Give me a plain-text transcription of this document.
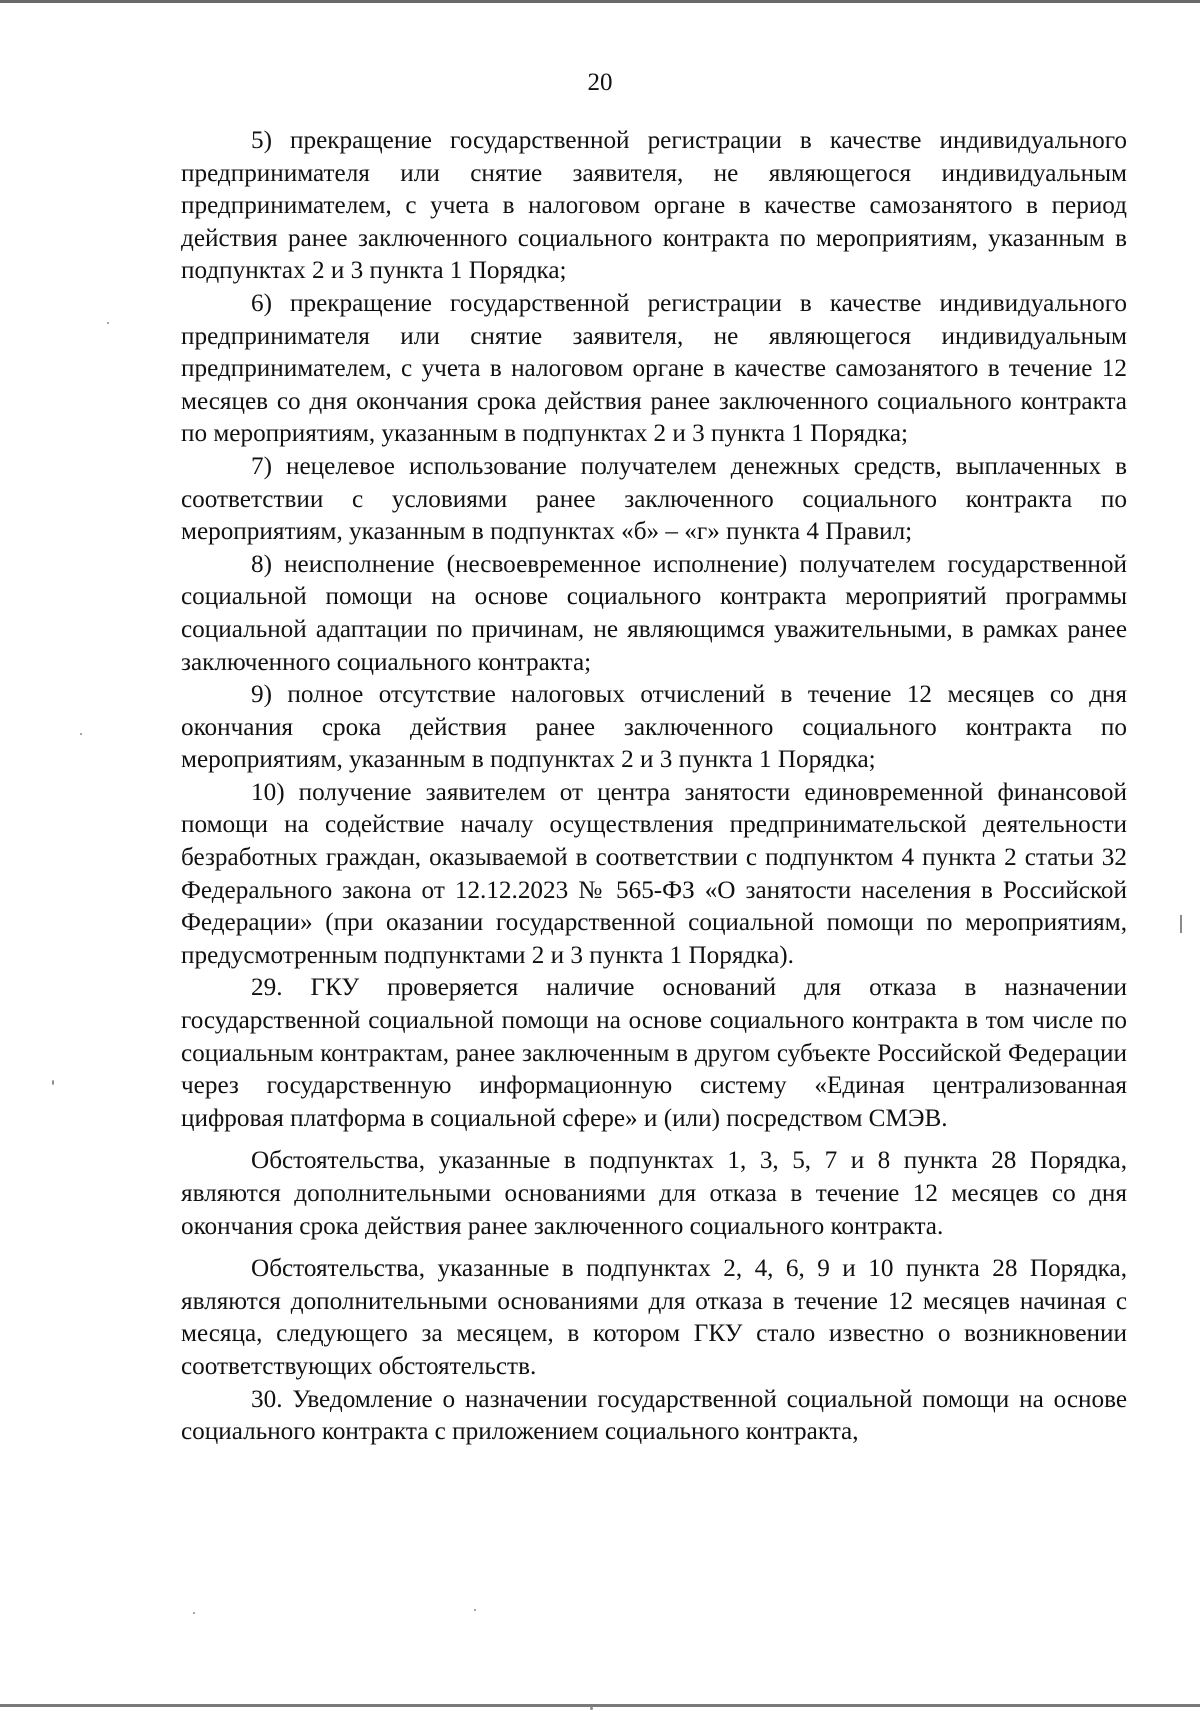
20

5) прекращение государственной регистрации в качестве индивидуального предпринимателя или снятие заявителя, не являющегося индивидуальным предпринимателем, с учета в налоговом органе в качестве самозанятого в период действия ранее заключенного социального контракта по мероприятиям, указанным в подпунктах 2 и 3 пункта 1 Порядка;

6) прекращение государственной регистрации в качестве индивидуального предпринимателя или снятие заявителя, не являющегося индивидуальным предпринимателем, с учета в налоговом органе в качестве самозанятого в течение 12 месяцев со дня окончания срока действия ранее заключенного социального контракта по мероприятиям, указанным в подпунктах 2 и 3 пункта 1 Порядка;

7) нецелевое использование получателем денежных средств, выплаченных в соответствии с условиями ранее заключенного социального контракта по мероприятиям, указанным в подпунктах «б» – «г» пункта 4 Правил;

8) неисполнение (несвоевременное исполнение) получателем государственной социальной помощи на основе социального контракта мероприятий программы социальной адаптации по причинам, не являющимся уважительными, в рамках ранее заключенного социального контракта;

9) полное отсутствие налоговых отчислений в течение 12 месяцев со дня окончания срока действия ранее заключенного социального контракта по мероприятиям, указанным в подпунктах 2 и 3 пункта 1 Порядка;

10) получение заявителем от центра занятости единовременной финансовой помощи на содействие началу осуществления предпринимательской деятельности безработных граждан, оказываемой в соответствии с подпунктом 4 пункта 2 статьи 32 Федерального закона от 12.12.2023 № 565-ФЗ «О занятости населения в Российской Федерации» (при оказании государственной социальной помощи по мероприятиям, предусмотренным подпунктами 2 и 3 пункта 1 Порядка).

29. ГКУ проверяется наличие оснований для отказа в назначении государственной социальной помощи на основе социального контракта в том числе по социальным контрактам, ранее заключенным в другом субъекте Российской Федерации через государственную информационную систему «Единая централизованная цифровая платформа в социальной сфере» и (или) посредством СМЭВ.

Обстоятельства, указанные в подпунктах 1, 3, 5, 7 и 8 пункта 28 Порядка, являются дополнительными основаниями для отказа в течение 12 месяцев со дня окончания срока действия ранее заключенного социального контракта.

Обстоятельства, указанные в подпунктах 2, 4, 6, 9 и 10 пункта 28 Порядка, являются дополнительными основаниями для отказа в течение 12 месяцев начиная с месяца, следующего за месяцем, в котором ГКУ стало известно о возникновении соответствующих обстоятельств.

30. Уведомление о назначении государственной социальной помощи на основе социального контракта с приложением социального контракта,
